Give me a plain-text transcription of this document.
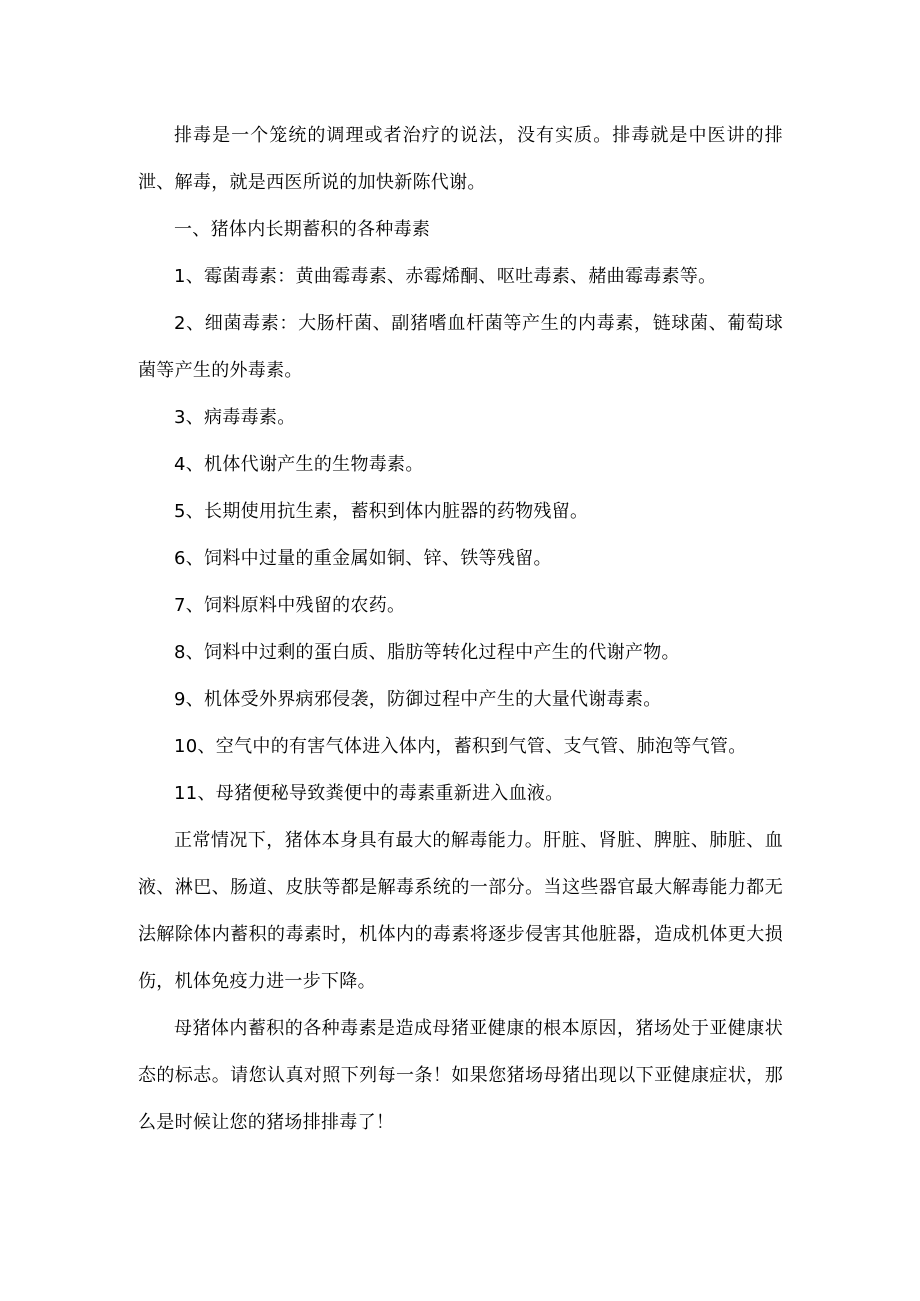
排毒是一个笼统的调理或者治疗的说法，没有实质。排毒就是中医讲的排泄、解毒，就是西医所说的加快新陈代谢。

一、猪体内长期蓄积的各种毒素

1、霉菌毒素：黄曲霉毒素、赤霉烯酮、呕吐毒素、赭曲霉毒素等。

2、细菌毒素：大肠杆菌、副猪嗜血杆菌等产生的内毒素，链球菌、葡萄球菌等产生的外毒素。

3、病毒毒素。

4、机体代谢产生的生物毒素。

5、长期使用抗生素，蓄积到体内脏器的药物残留。

6、饲料中过量的重金属如铜、锌、铁等残留。

7、饲料原料中残留的农药。

8、饲料中过剩的蛋白质、脂肪等转化过程中产生的代谢产物。

9、机体受外界病邪侵袭，防御过程中产生的大量代谢毒素。

10、空气中的有害气体进入体内，蓄积到气管、支气管、肺泡等气管。

11、母猪便秘导致粪便中的毒素重新进入血液。

正常情况下，猪体本身具有最大的解毒能力。肝脏、肾脏、脾脏、肺脏、血液、淋巴、肠道、皮肤等都是解毒系统的一部分。当这些器官最大解毒能力都无法解除体内蓄积的毒素时，机体内的毒素将逐步侵害其他脏器，造成机体更大损伤，机体免疫力进一步下降。

母猪体内蓄积的各种毒素是造成母猪亚健康的根本原因，猪场处于亚健康状态的标志。请您认真对照下列每一条！如果您猪场母猪出现以下亚健康症状，那么是时候让您的猪场排排毒了！
